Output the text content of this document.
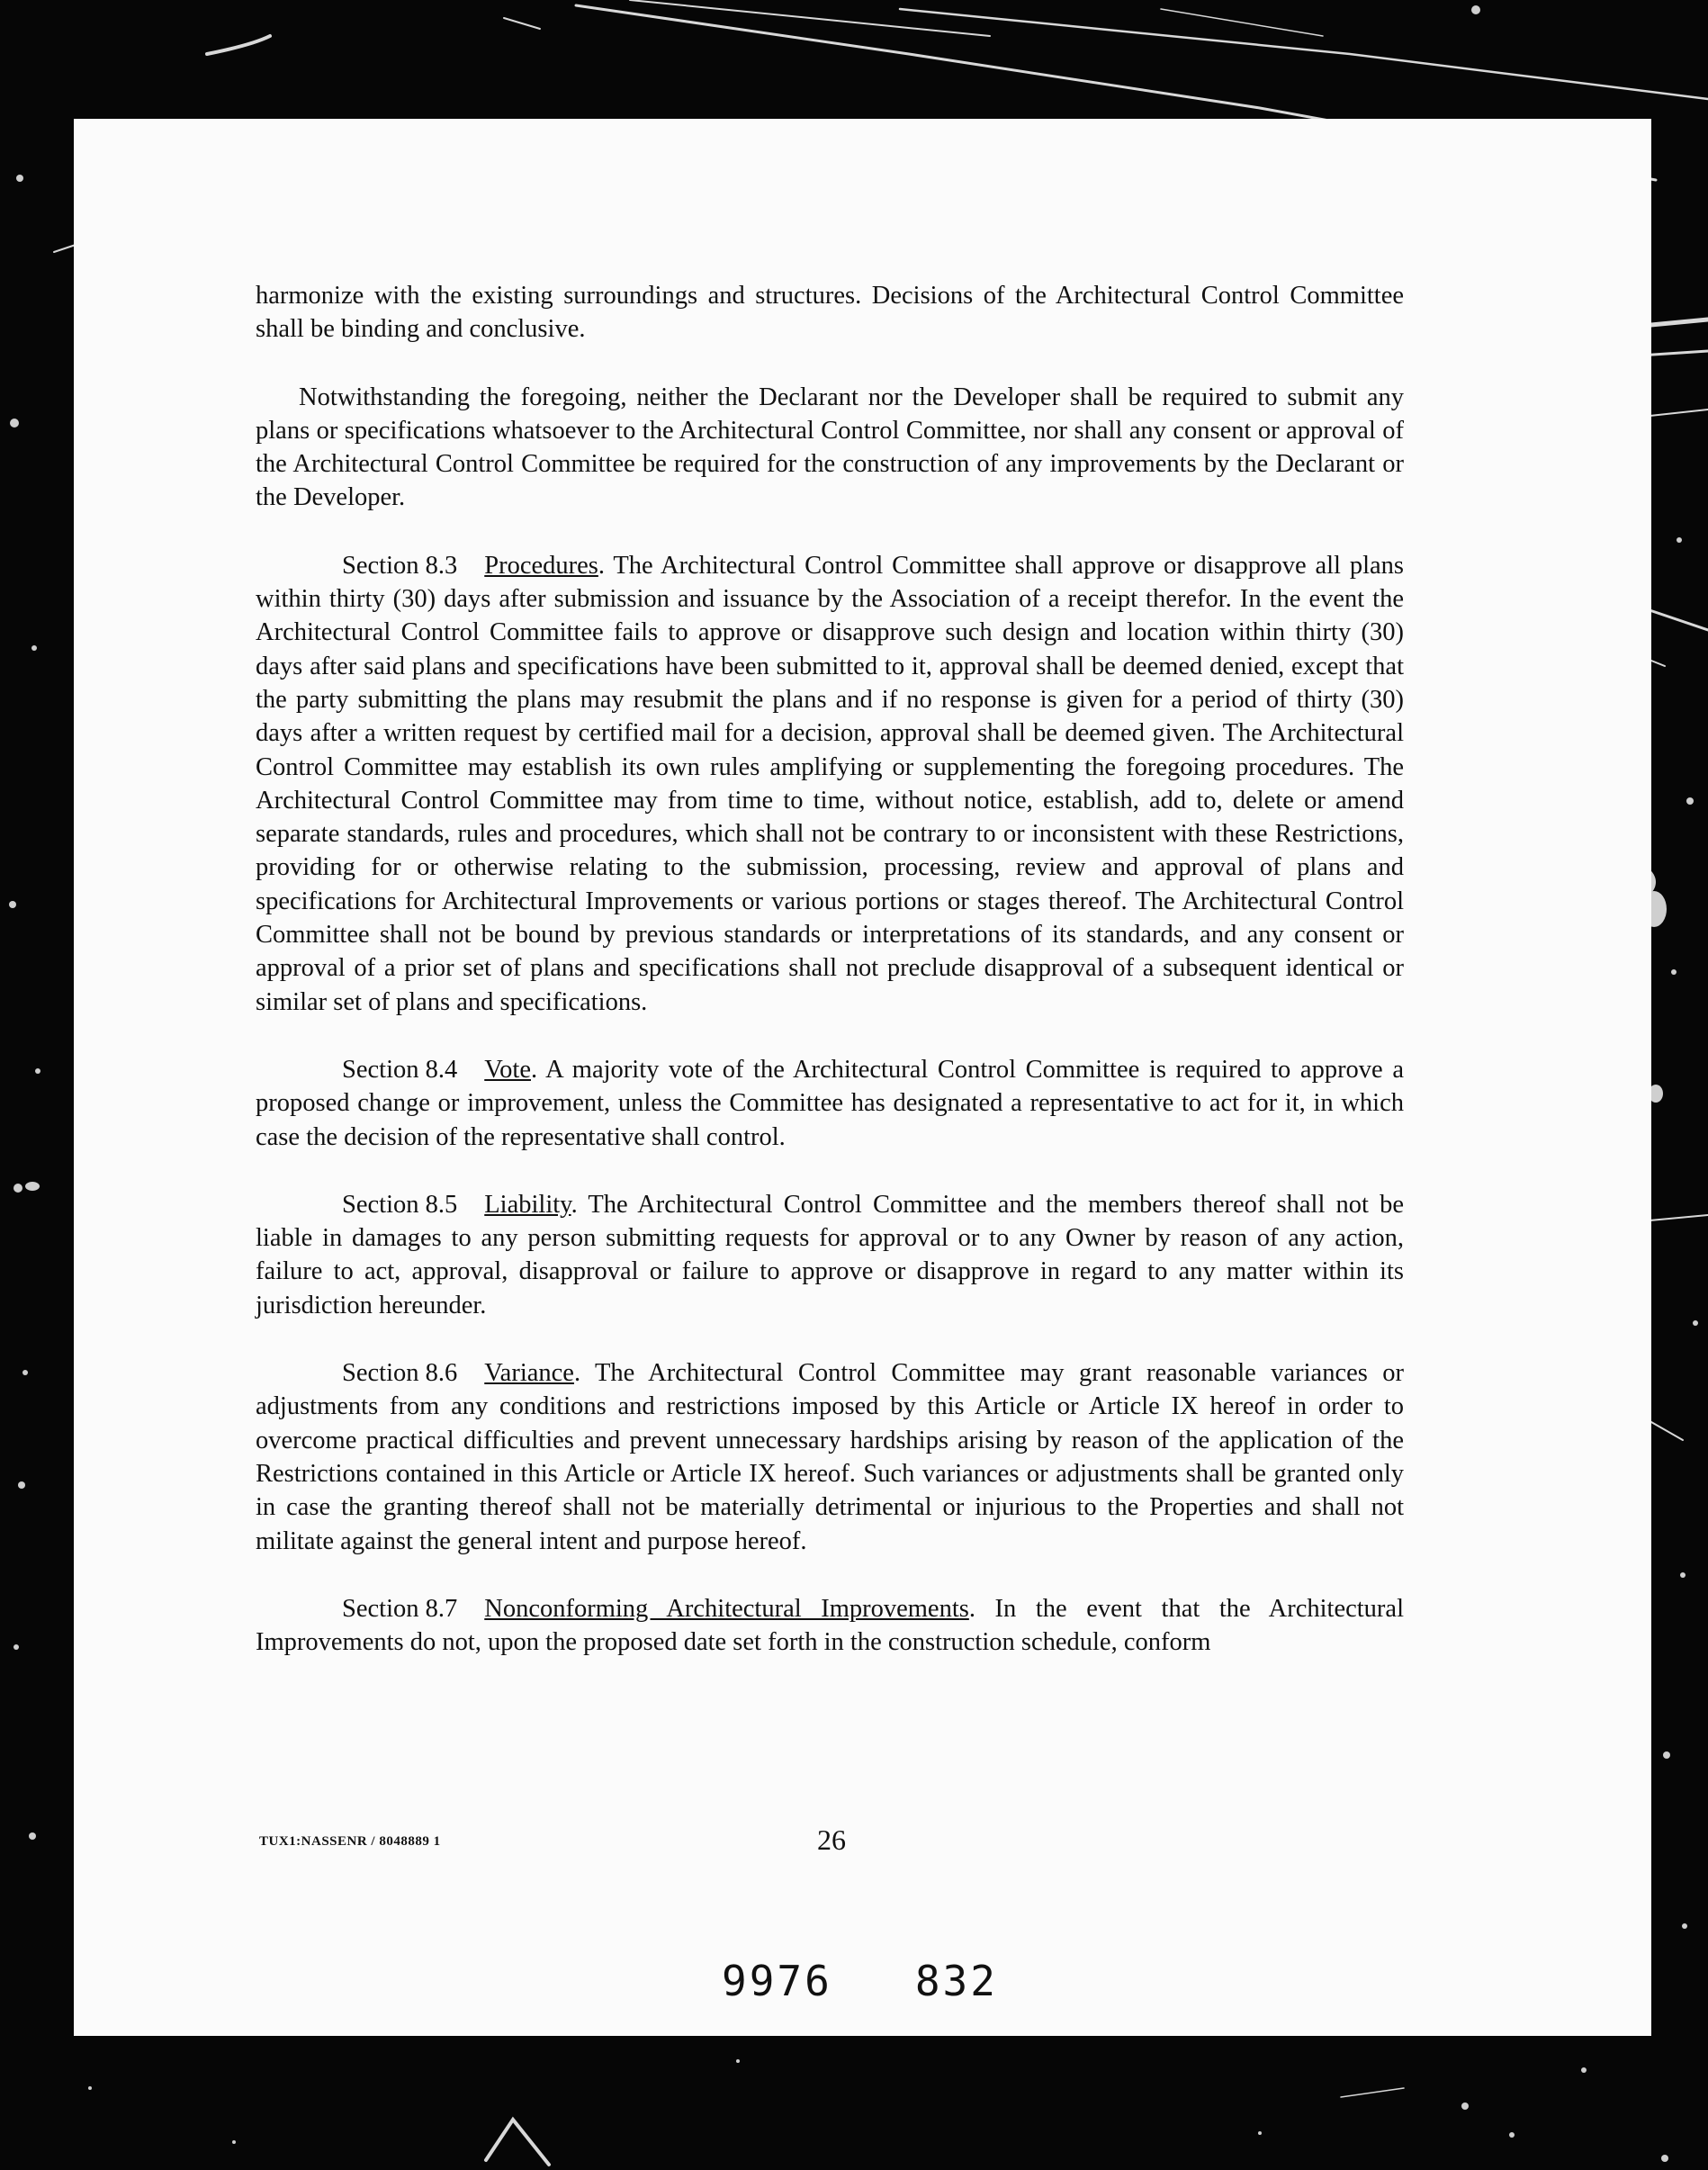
harmonize with the existing surroundings and structures. Decisions of the Architectural Control Committee shall be binding and conclusive.

Notwithstanding the foregoing, neither the Declarant nor the Developer shall be required to submit any plans or specifications whatsoever to the Architectural Control Committee, nor shall any consent or approval of the Architectural Control Committee be required for the construction of any improvements by the Declarant or the Developer.

Section 8.3 Procedures. The Architectural Control Committee shall approve or disapprove all plans within thirty (30) days after submission and issuance by the Association of a receipt therefor. In the event the Architectural Control Committee fails to approve or disapprove such design and location within thirty (30) days after said plans and specifications have been submitted to it, approval shall be deemed denied, except that the party submitting the plans may resubmit the plans and if no response is given for a period of thirty (30) days after a written request by certified mail for a decision, approval shall be deemed given. The Architectural Control Committee may establish its own rules amplifying or supplementing the foregoing procedures. The Architectural Control Committee may from time to time, without notice, establish, add to, delete or amend separate standards, rules and procedures, which shall not be contrary to or inconsistent with these Restrictions, providing for or otherwise relating to the submission, processing, review and approval of plans and specifications for Architectural Improvements or various portions or stages thereof. The Architectural Control Committee shall not be bound by previous standards or interpretations of its standards, and any consent or approval of a prior set of plans and specifications shall not preclude disapproval of a subsequent identical or similar set of plans and specifications.

Section 8.4 Vote. A majority vote of the Architectural Control Committee is required to approve a proposed change or improvement, unless the Committee has designated a representative to act for it, in which case the decision of the representative shall control.

Section 8.5 Liability. The Architectural Control Committee and the members thereof shall not be liable in damages to any person submitting requests for approval or to any Owner by reason of any action, failure to act, approval, disapproval or failure to approve or disapprove in regard to any matter within its jurisdiction hereunder.

Section 8.6 Variance. The Architectural Control Committee may grant reasonable variances or adjustments from any conditions and restrictions imposed by this Article or Article IX hereof in order to overcome practical difficulties and prevent unnecessary hardships arising by reason of the application of the Restrictions contained in this Article or Article IX hereof. Such variances or adjustments shall be granted only in case the granting thereof shall not be materially detrimental or injurious to the Properties and shall not militate against the general intent and purpose hereof.

Section 8.7 Nonconforming Architectural Improvements. In the event that the Architectural Improvements do not, upon the proposed date set forth in the construction schedule, conform

TUX1:NASSENR / 8048889 1	26
9976   832
